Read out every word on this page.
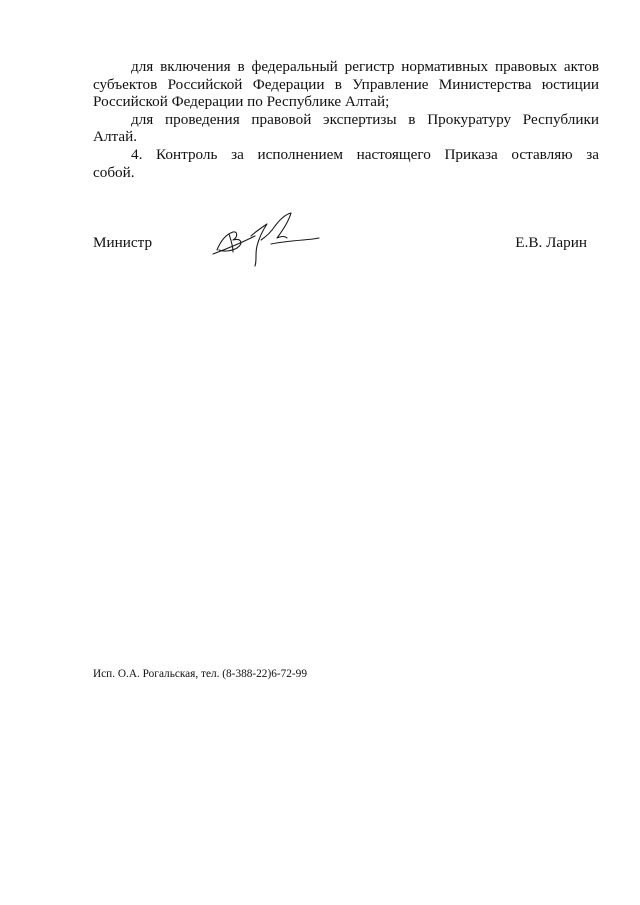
для включения в федеральный регистр нормативных правовых актов субъектов Российской Федерации в Управление Министерства юстиции Российской Федерации по Республике Алтай;

для проведения правовой экспертизы в Прокуратуру Республики Алтай.

4. Контроль за исполнением настоящего Приказа оставляю за

собой.

Министр	Е.В. Ларин
Исп. О.А. Рогальская, тел. (8-388-22)6-72-99
